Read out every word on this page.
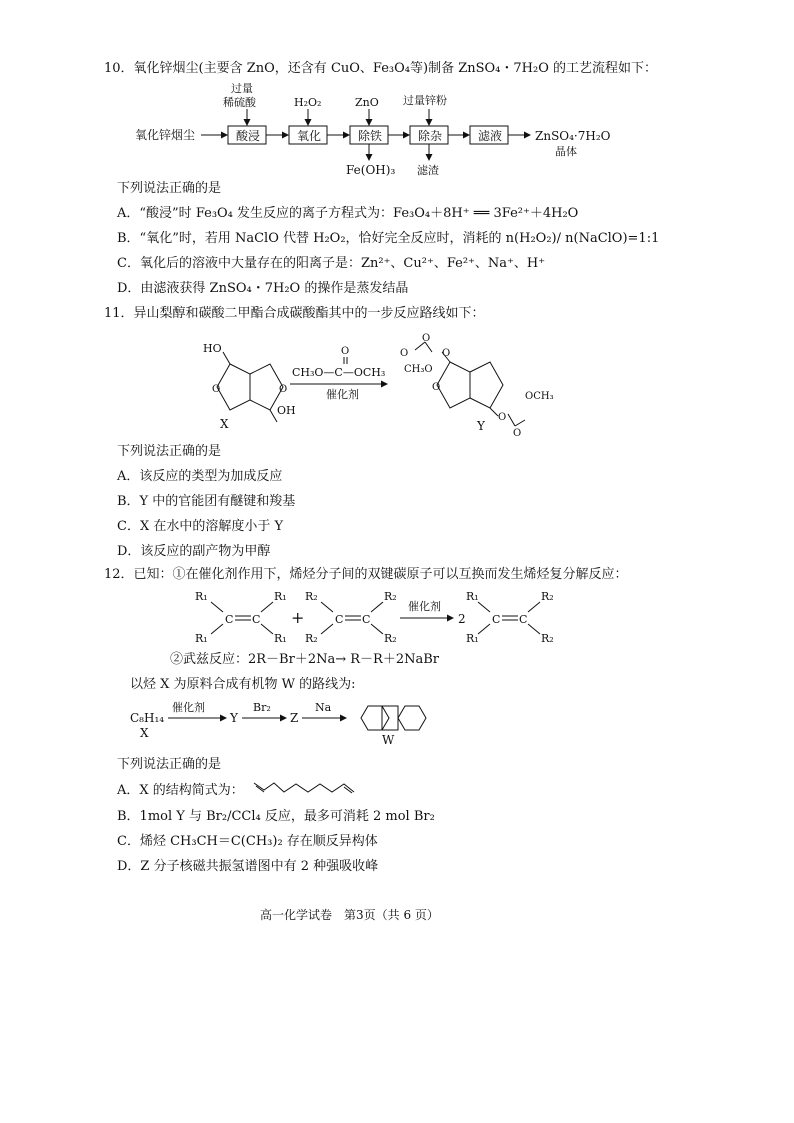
10．氧化锌烟尘(主要含 ZnO，还含有 CuO、Fe₃O₄等)制备 ZnSO₄・7H₂O 的工艺流程如下：
氧化锌烟尘	酸浸	氧化	除铁	除杂	滤液	ZnSO₄·7H₂O
晶体
过量
稀硫酸	H₂O₂	ZnO 过量锌粉
Fe(OH)₃ 滤渣
下列说法正确的是
A．“酸浸”时 Fe₃O₄ 发生反应的离子方程式为：Fe₃O₄＋8H⁺ ══ 3Fe²⁺＋4H₂O
B．“氧化”时，若用 NaClO 代替 H₂O₂，恰好完全反应时，消耗的 n(H₂O₂)/ n(NaClO)=1:1
C．氧化后的溶液中大量存在的阳离子是：Zn²⁺、Cu²⁺、Fe²⁺、Na⁺、H⁺
D．由滤液获得 ZnSO₄・7H₂O 的操作是蒸发结晶
11．异山梨醇和碳酸二甲酯合成碳酸酯其中的一步反应路线如下：
HO
OH
O	O
X
O
CH₃O—C—OCH₃
催化剂
O
O
CH₃O
O
O
O
OCH₃
O
Y
下列说法正确的是
A．该反应的类型为加成反应
B．Y 中的官能团有醚键和羧基
C．X 在水中的溶解度小于 Y
D．该反应的副产物为甲醇
12．已知：①在催化剂作用下，烯烃分子间的双键碳原子可以互换而发生烯烃复分解反应：
R₁
R₁
C C
R₁
R₁
+
R₂
R₂
C C
R₂
R₂
催化剂
2
R₁
R₁
C C
R₂
R₂
②武兹反应：2R－Br＋2Na→ R－R＋2NaBr
以烃 X 为原料合成有机物 W 的路线为:
C₈H₁₄
X
催化剂
Y
Br₂
Z
Na
W
下列说法正确的是
A．X 的结构简式为：
B．1mol Y 与 Br₂/CCl₄ 反应，最多可消耗 2 mol Br₂
C．烯烃 CH₃CH＝C(CH₃)₂ 存在顺反异构体
D．Z 分子核磁共振氢谱图中有 2 种强吸收峰
高一化学试卷　第3页（共 6 页）
